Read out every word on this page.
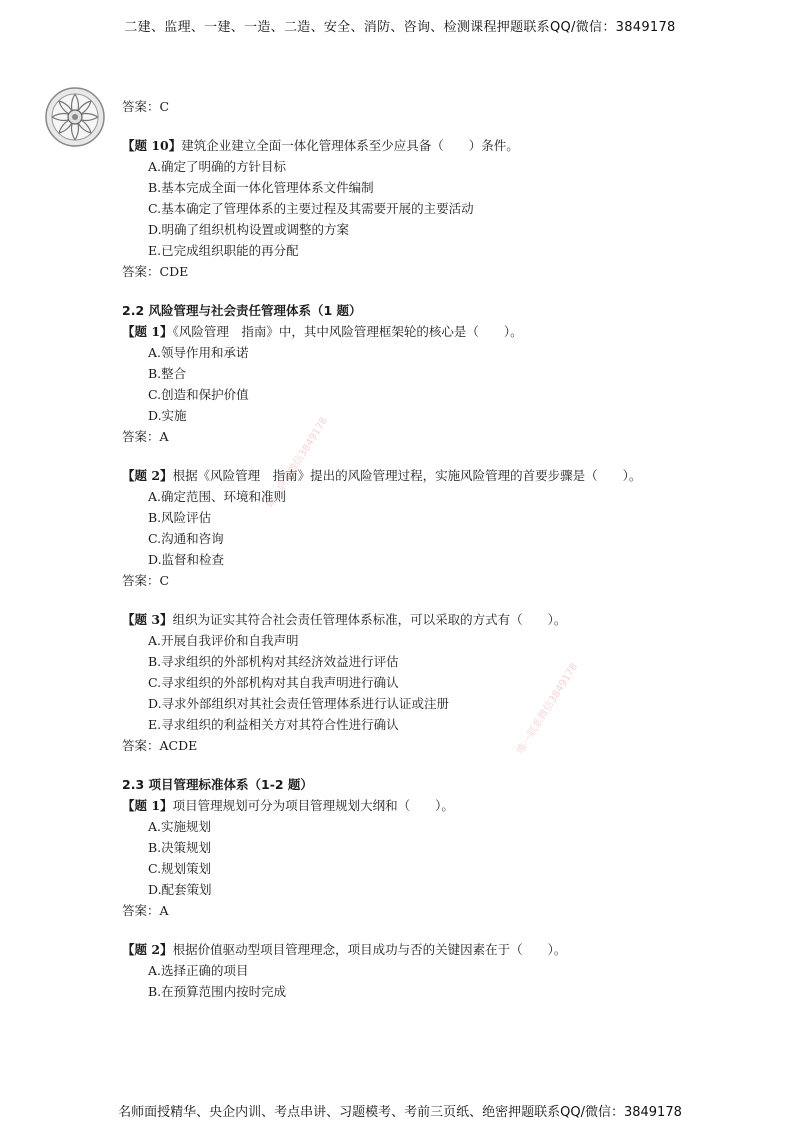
二建、监理、一建、一造、二造、安全、消防、咨询、检测课程押题联系QQ/微信：3849178
唯一联系微信3849178
唯一联系微信3849178
答案：C
【题 10】建筑企业建立全面一体化管理体系至少应具备（　　）条件。
A.确定了明确的方针目标
B.基本完成全面一体化管理体系文件编制
C.基本确定了管理体系的主要过程及其需要开展的主要活动
D.明确了组织机构设置或调整的方案
E.已完成组织职能的再分配
答案：CDE
2.2 风险管理与社会责任管理体系（1 题）
【题 1】《风险管理　指南》中，其中风险管理框架轮的核心是（　　）。
A.领导作用和承诺
B.整合
C.创造和保护价值
D.实施
答案：A
【题 2】根据《风险管理　指南》提出的风险管理过程，实施风险管理的首要步骤是（　　）。
A.确定范围、环境和准则
B.风险评估
C.沟通和咨询
D.监督和检查
答案：C
【题 3】组织为证实其符合社会责任管理体系标准，可以采取的方式有（　　）。
A.开展自我评价和自我声明
B.寻求组织的外部机构对其经济效益进行评估
C.寻求组织的外部机构对其自我声明进行确认
D.寻求外部组织对其社会责任管理体系进行认证或注册
E.寻求组织的利益相关方对其符合性进行确认
答案：ACDE
2.3 项目管理标准体系（1-2 题）
【题 1】项目管理规划可分为项目管理规划大纲和（　　）。
A.实施规划
B.决策规划
C.规划策划
D.配套策划
答案：A
【题 2】根据价值驱动型项目管理理念，项目成功与否的关键因素在于（　　）。
A.选择正确的项目
B.在预算范围内按时完成
名师面授精华、央企内训、考点串讲、习题模考、考前三页纸、绝密押题联系QQ/微信：3849178
